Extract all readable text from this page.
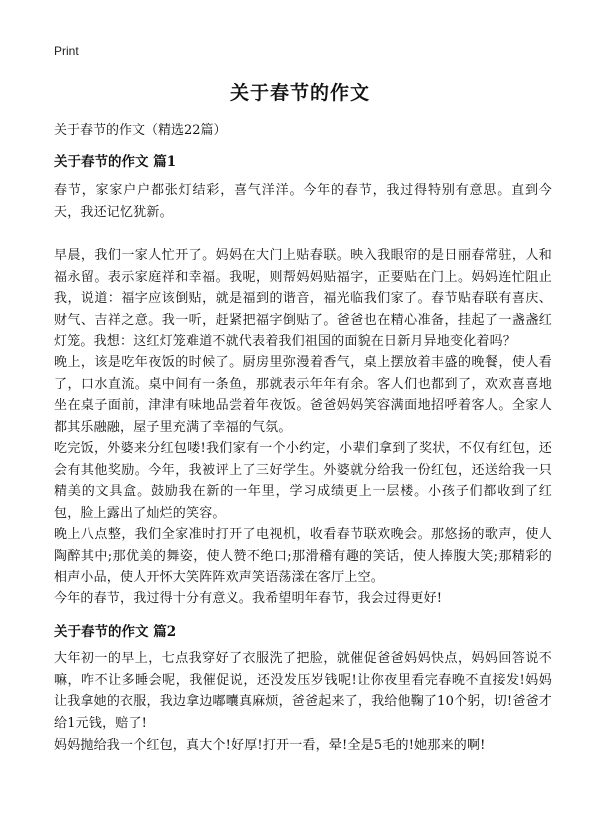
Print
关于春节的作文

关于春节的作文（精选22篇）

关于春节的作文 篇1

春节，家家户户都张灯结彩，喜气洋洋。今年的春节，我过得特别有意思。直到今天，我还记忆犹新。

早晨，我们一家人忙开了。妈妈在大门上贴春联。映入我眼帘的是日丽春常驻，人和福永留。表示家庭祥和幸福。我呢，则帮妈妈贴福字，正要贴在门上。妈妈连忙阻止我，说道：福字应该倒贴，就是福到的谐音，福光临我们家了。春节贴春联有喜庆、财气、吉祥之意。我一听，赶紧把福字倒贴了。爸爸也在精心准备，挂起了一盏盏红灯笼。我想：这红灯笼难道不就代表着我们祖国的面貌在日新月异地变化着吗？

晚上，该是吃年夜饭的时候了。厨房里弥漫着香气，桌上摆放着丰盛的晚餐，使人看了，口水直流。桌中间有一条鱼，那就表示年年有余。客人们也都到了，欢欢喜喜地坐在桌子面前，津津有味地品尝着年夜饭。爸爸妈妈笑容满面地招呼着客人。全家人都其乐融融，屋子里充满了幸福的气氛。

吃完饭，外婆来分红包喽!我们家有一个小约定，小辈们拿到了奖状，不仅有红包，还会有其他奖励。今年，我被评上了三好学生。外婆就分给我一份红包，还送给我一只精美的文具盒。鼓励我在新的一年里，学习成绩更上一层楼。小孩子们都收到了红包，脸上露出了灿烂的笑容。

晚上八点整，我们全家准时打开了电视机，收看春节联欢晚会。那悠扬的歌声，使人陶醉其中;那优美的舞姿，使人赞不绝口;那滑稽有趣的笑话，使人捧腹大笑;那精彩的相声小品，使人开怀大笑阵阵欢声笑语荡漾在客厅上空。

今年的春节，我过得十分有意义。我希望明年春节，我会过得更好!

关于春节的作文 篇2

大年初一的早上，七点我穿好了衣服洗了把脸，就催促爸爸妈妈快点，妈妈回答说不嘛，咋不让多睡会呢，我催促说，还没发压岁钱呢!让你夜里看完春晚不直接发!妈妈让我拿她的衣服，我边拿边嘟囔真麻烦，爸爸起来了，我给他鞠了10个躬，切!爸爸才给1元钱，赔了!

妈妈抛给我一个红包，真大个!好厚!打开一看，晕!全是5毛的!她那来的啊!
